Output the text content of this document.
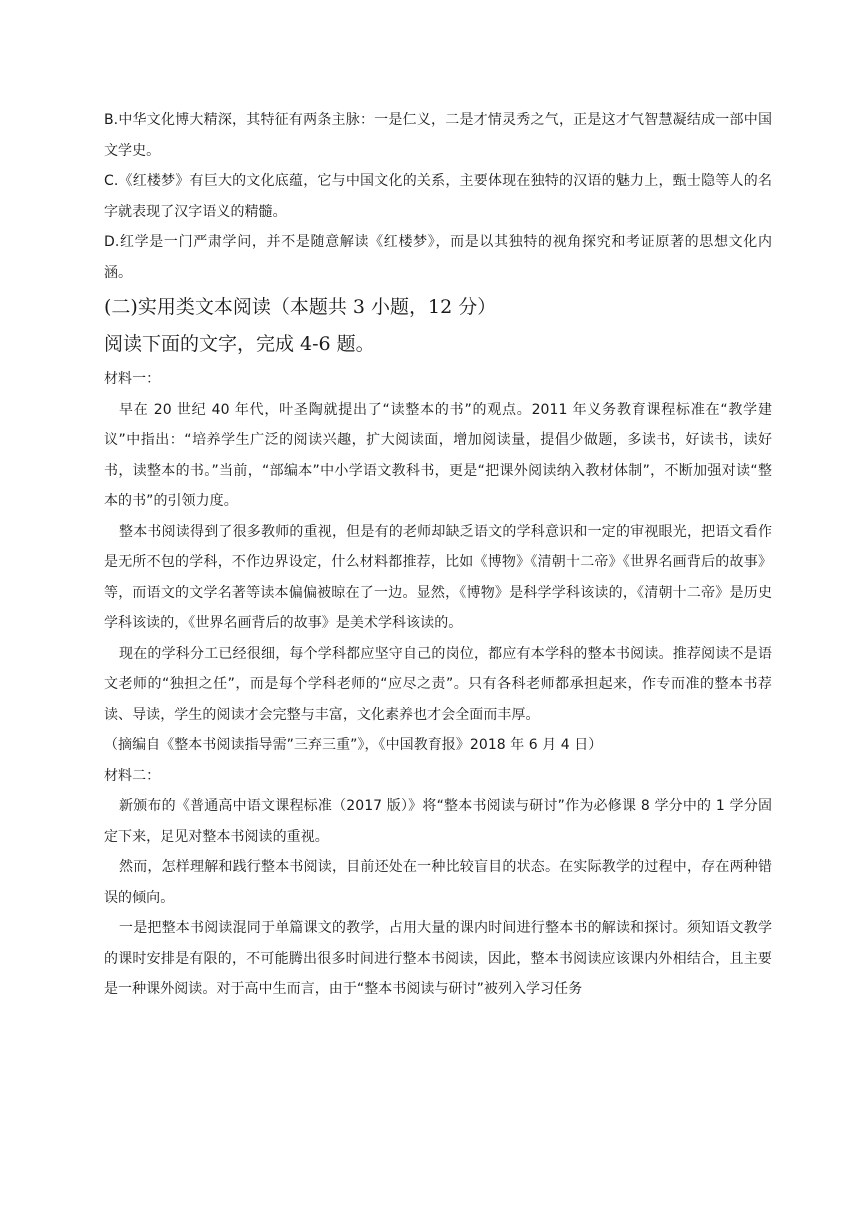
B.中华文化博大精深，其特征有两条主脉：一是仁义，二是才情灵秀之气，正是这才气智慧凝结成一部中国文学史。

C.《红楼梦》有巨大的文化底蕴，它与中国文化的关系，主要体现在独特的汉语的魅力上，甄士隐等人的名字就表现了汉字语义的精髓。

D.红学是一门严肃学问，并不是随意解读《红楼梦》，而是以其独特的视角探究和考证原著的思想文化内涵。

(二)实用类文本阅读（本题共 3 小题，12 分）

阅读下面的文字，完成 4-6 题。

材料一：

早在 20 世纪 40 年代，叶圣陶就提出了“读整本的书”的观点。2011 年义务教育课程标准在“教学建议”中指出：“培养学生广泛的阅读兴趣，扩大阅读面，增加阅读量，提倡少做题，多读书，好读书，读好书，读整本的书。”当前，“部编本”中小学语文教科书，更是“把课外阅读纳入教材体制”，不断加强对读“整本的书”的引领力度。

整本书阅读得到了很多教师的重视，但是有的老师却缺乏语文的学科意识和一定的审视眼光，把语文看作是无所不包的学科，不作边界设定，什么材料都推荐，比如《博物》《清朝十二帝》《世界名画背后的故事》等，而语文的文学名著等读本偏偏被晾在了一边。显然，《博物》是科学学科该读的，《清朝十二帝》是历史学科该读的，《世界名画背后的故事》是美术学科该读的。

现在的学科分工已经很细，每个学科都应坚守自己的岗位，都应有本学科的整本书阅读。推荐阅读不是语文老师的“独担之任”，而是每个学科老师的“应尽之责”。只有各科老师都承担起来，作专而准的整本书荐读、导读，学生的阅读才会完整与丰富，文化素养也才会全面而丰厚。

（摘编自《整本书阅读指导需”三弃三重”》，《中国教育报》2018 年 6 月 4 日）

材料二：

新颁布的《普通高中语文课程标准（2017 版）》将“整本书阅读与研讨”作为必修课 8 学分中的 1 学分固定下来，足见对整本书阅读的重视。

然而，怎样理解和践行整本书阅读，目前还处在一种比较盲目的状态。在实际教学的过程中，存在两种错误的倾向。

一是把整本书阅读混同于单篇课文的教学，占用大量的课内时间进行整本书的解读和探讨。须知语文教学的课时安排是有限的，不可能腾出很多时间进行整本书阅读，因此，整本书阅读应该课内外相结合，且主要是一种课外阅读。对于高中生而言，由于“整本书阅读与研讨”被列入学习任务
